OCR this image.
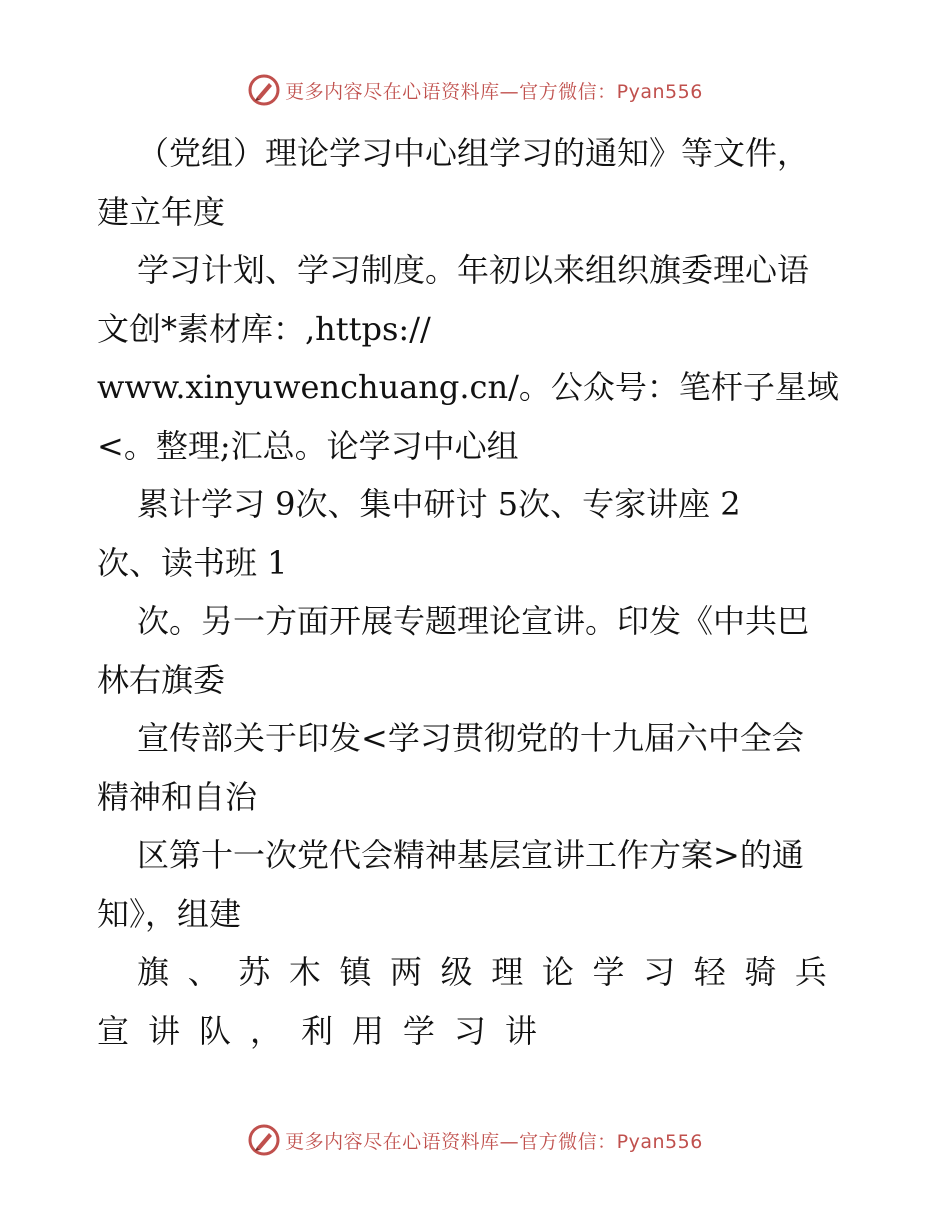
更多内容尽在心语资料库—官方微信：Pyan556
（党组）理论学习中心组学习的通知》等文件，
建立年度
学习计划、学习制度。年初以来组织旗委理心语
文创*素材库：,https://
www.xinyuwenchuang.cn/。公众号：笔杆子星域
<。整理;汇总。论学习中心组
累计学习 9次、集中研讨 5次、专家讲座 2
次、读书班 1
次。另一方面开展专题理论宣讲。印发《中共巴
林右旗委
宣传部关于印发<学习贯彻党的十九届六中全会
精神和自治
区第十一次党代会精神基层宣讲工作方案>的通
知》，组建
旗 、 苏 木 镇 两 级 理 论 学 习 轻 骑 兵
宣 讲 队 ， 利 用 学 习 讲
更多内容尽在心语资料库—官方微信：Pyan556
